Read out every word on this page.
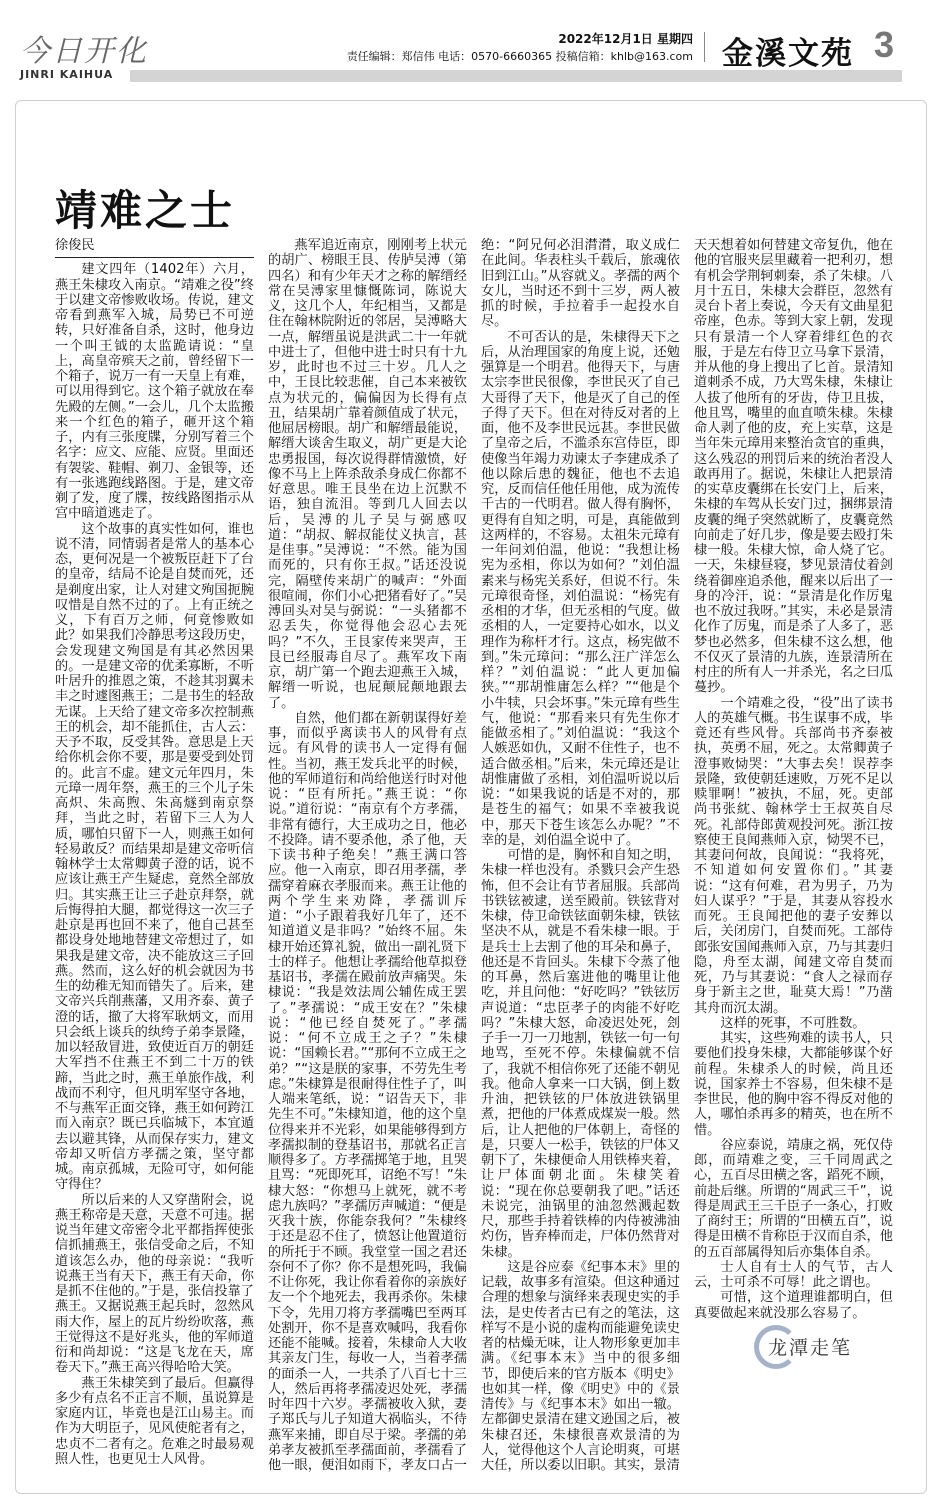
今日开化
JINRI KAIHUA
2022年12月1日 星期四
责任编辑：郑信伟 电话：0570-6660365 投稿信箱：khlb@163.com 金溪文苑 3
靖难之士
徐俊民

建文四年（1402年）六月，燕王朱棣攻入南京。“靖难之役”终于以建文帝惨败收场。传说，建文帝看到燕军入城，局势已不可逆转，只好准备自杀，这时，他身边一个叫王钺的太监跪请说：“皇上，高皇帝殡天之前，曾经留下一个箱子，说万一有一天皇上有难，可以用得到它。这个箱子就放在奉先殿的左侧。”一会儿，几个太监搬来一个红色的箱子，砸开这个箱子，内有三张度牒，分别写着三个名字：应文、应能、应贤。里面还有袈裟、鞋帽、剃刀、金银等，还有一张逃跑线路图。于是，建文帝剃了发，度了牒，按线路图指示从宫中暗道逃走了。

这个故事的真实性如何，谁也说不清，同情弱者是常人的基本心态，更何况是一个被叛臣赶下了台的皇帝，结局不论是自焚而死，还是剃度出家，让人对建文殉国扼腕叹惜是自然不过的了。上有正统之义，下有百万之师，何竟惨败如此？如果我们冷静思考这段历史，会发现建文殉国是有其必然因果的。一是建文帝的优柔寡断，不听叶居升的推恩之策，不趁其羽翼未丰之时遽图燕王；二是书生的轻敌无谋。上天给了建文帝多次控制燕王的机会，却不能抓住，古人云：天予不取，反受其咎。意思是上天给你机会你不要，那是要受到处罚的。此言不虚。建文元年四月，朱元璋一周年祭，燕王的三个儿子朱高炽、朱高煦、朱高燧到南京祭拜，当此之时，若留下三人为人质，哪怕只留下一人，则燕王如何轻易敢反？而结果却是建文帝听信翰林学士太常卿黄子澄的话，说不应该让燕王产生疑虑，竟然全部放归。其实燕王让三子赴京拜祭，就后悔得拍大腿，都觉得这一次三子赴京是再也回不来了，他自己甚至都设身处地地替建文帝想过了，如果我是建文帝，决不能放这三子回燕。然而，这么好的机会就因为书生的幼稚无知而错失了。后来，建文帝兴兵削燕藩，又用齐泰、黄子澄的话，撤了大将军耿炳文，而用只会纸上谈兵的纨绔子弟李景隆，加以轻敌冒进，致使近百万的朝廷大军挡不住燕王不到二十万的铁蹄，当此之时，燕王单旅作战，利战而不利守，但凡明军坚守各地，不与燕军正面交锋，燕王如何跨江而入南京？既已兵临城下，本宜遁去以避其锋，从而保存实力，建文帝却又听信方孝孺之策，坚守都城。南京孤城，无险可守，如何能守得住？

所以后来的人又穿凿附会，说燕王称帝是天意，天意不可违。据说当年建文帝密令北平都指挥使张信抓捕燕王，张信受命之后，不知道该怎么办，他的母亲说：“我听说燕王当有天下，燕王有天命，你是抓不住他的。”于是，张信投靠了燕王。又据说燕王起兵时，忽然风雨大作，屋上的瓦片纷纷吹落，燕王觉得这不是好兆头，他的军师道衍和尚却说：“这是飞龙在天，席卷天下。”燕王高兴得哈哈大笑。

燕王朱棣笑到了最后。但赢得多少有点名不正言不顺，虽说算是家庭内讧，毕竟也是江山易主。而作为大明臣子，见风使舵者有之，忠贞不二者有之。危难之时最易观照人性，也更见士人风骨。

燕军追近南京，刚刚考上状元的胡广、榜眼王艮、传胪吴溥（第四名）和有少年天才之称的解缙经常在吴溥家里慷慨陈词，陈说大义，这几个人，年纪相当，又都是住在翰林院附近的邻居，吴溥略大一点，解缙虽说是洪武二十一年就中进士了，但他中进士时只有十九岁，此时也不过三十岁。几人之中，王艮比较悲催，自己本来被钦点为状元的，偏偏因为长得有点丑，结果胡广靠着颜值成了状元，他屈居榜眼。胡广和解缙最能说，解缙大谈舍生取义，胡广更是大论忠勇报国，每次说得群情激愤，好像不马上上阵杀敌杀身成仁你都不好意思。唯王艮坐在边上沉默不语，独自流泪。等到几人回去以后，吴溥的儿子吴与弼感叹道：“胡叔、解叔能仗义执言，甚是佳事。”吴溥说：“不然。能为国而死的，只有你王叔。”话还没说完，隔壁传来胡广的喊声：“外面很喧闹，你们小心把猪看好了。”吴溥回头对吴与弼说：“一头猪都不忍丢失，你觉得他会忍心去死吗？”不久，王艮家传来哭声，王艮已经服毒自尽了。燕军攻下南京，胡广第一个跑去迎燕王入城，解缙一听说，也屁颠屁颠地跟去了。

自然，他们都在新朝谋得好差事，而似乎离读书人的风骨有点远。有风骨的读书人一定得有倔性。当初，燕王发兵北平的时候，他的军师道衍和尚给他送行时对他说：“臣有所托。”燕王说：“你说。”道衍说：“南京有个方孝孺，非常有德行，大王成功之日，他必不投降。请不要杀他，杀了他，天下读书种子绝矣！”燕王满口答应。他一入南京，即召用孝孺，孝孺穿着麻衣孝服而来。燕王让他的两个学生来劝降，孝孺训斥道：“小子跟着我好几年了，还不知道道义是非吗？”始终不屈。朱棣开始还算礼貌，做出一副礼贤下士的样子。他想让孝孺给他草拟登基诏书，孝孺在殿前放声痛哭。朱棣说：“我是效法周公辅佐成王罢了。”孝孺说：“成王安在？”朱棣说：“他已经自焚死了。”孝孺说：“何不立成王之子？”朱棣说：“国赖长君。”“那何不立成王之弟？”“这是朕的家事，不劳先生考虑。”朱棣算是很耐得住性子了，叫人端来笔纸，说：“诏告天下，非先生不可。”朱棣知道，他的这个皇位得来并不光彩，如果能够得到方孝孺拟制的登基诏书，那就名正言顺得多了。方孝孺掷笔于地，且哭且骂：“死即死耳，诏绝不写！”朱棣大怒：“你想马上就死，就不考虑九族吗？”孝孺厉声喊道：“便是灭我十族，你能奈我何？”朱棣终于还是忍不住了，愤怒让他置道衍的所托于不顾。我堂堂一国之君还奈何不了你？你不是想死吗，我偏不让你死，我让你看着你的亲族好友一个个地死去，我再杀你。朱棣下令，先用刀将方孝孺嘴巴至两耳处割开，你不是喜欢喊吗，我看你还能不能喊。接着，朱棣命人大收其亲友门生，每收一人，当着孝孺的面杀一人，一共杀了八百七十三人，然后再将孝孺凌迟处死，孝孺时年四十六岁。孝孺被收入狱，妻子郑氏与儿子知道大祸临头，不待燕军来捕，即自尽于梁。孝孺的弟弟孝友被抓至孝孺面前，孝孺看了他一眼，便泪如雨下，孝友口占一绝：“阿兄何必泪潸潸，取义成仁在此间。华表柱头千载后，旅魂依旧到江山。”从容就义。孝孺的两个女儿，当时还不到十三岁，两人被抓的时候，手拉着手一起投水自尽。

不可否认的是，朱棣得天下之后，从治理国家的角度上说，还勉强算是一个明君。他得天下，与唐太宗李世民很像，李世民灭了自己大哥得了天下，他是灭了自己的侄子得了天下。但在对待反对者的上面，他不及李世民远甚。李世民做了皇帝之后，不滥杀东宫侍臣，即使像当年竭力劝谏太子李建成杀了他以除后患的魏征，他也不去追究，反而信任他任用他，成为流传千古的一代明君。做人得有胸怀，更得有自知之明，可是，真能做到这两样的，不容易。太祖朱元璋有一年问刘伯温，他说：“我想让杨宪为丞相，你以为如何？”刘伯温素来与杨宪关系好，但说不行。朱元璋很奇怪，刘伯温说：“杨宪有丞相的才华，但无丞相的气度。做丞相的人，一定要持心如水，以义理作为称杆才行。这点，杨宪做不到。”朱元璋问：“那么汪广洋怎么样？”刘伯温说：“此人更加偏狭。”“那胡惟庸怎么样？”“他是个小牛犊，只会坏事。”朱元璋有些生气，他说：“那看来只有先生你才能做丞相了。”刘伯温说：“我这个人嫉恶如仇，又耐不住性子，也不适合做丞相。”后来，朱元璋还是让胡惟庸做了丞相，刘伯温听说以后说：“如果我说的话是不对的，那是苍生的福气；如果不幸被我说中，那天下苍生该怎么办呢？”不幸的是，刘伯温全说中了。

可惜的是，胸怀和自知之明，朱棣一样也没有。杀戮只会产生恐怖，但不会让有节者屈服。兵部尚书铁铉被逮，送至殿前。铁铉背对朱棣，侍卫命铁铉面朝朱棣，铁铉坚决不从，就是不看朱棣一眼。于是兵士上去割了他的耳朵和鼻子，他还是不肯回头。朱棣下令蒸了他的耳鼻，然后塞进他的嘴里让他吃，并且问他：“好吃吗？”铁铉厉声说道：“忠臣孝子的肉能不好吃吗？”朱棣大怒，命凌迟处死，刽子手一刀一刀地割，铁铉一句一句地骂，至死不停。朱棣偏就不信了，我就不相信你死了还能不朝见我。他命人拿来一口大锅，倒上数升油，把铁铉的尸体放进铁锅里煮，把他的尸体煮成煤炭一般。然后，让人把他的尸体朝上，奇怪的是，只要人一松手，铁铉的尸体又朝下了，朱棣便命人用铁棒夹着，让尸体面朝北面。朱棣笑着说：“现在你总要朝我了吧。”话还未说完，油锅里的油忽然溅起数尺，那些手持着铁棒的内侍被沸油灼伤，皆弃棒而走，尸体仍然背对朱棣。

这是谷应泰《纪事本末》里的记载，故事多有渲染。但这种通过合理的想象与演绎来表现史实的手法，是史传者古已有之的笔法，这样写不是小说的虚构而能避免读史者的枯燥无味，让人物形象更加丰满。《纪事本末》当中的很多细节，即使后来的官方版本《明史》也如其一样，像《明史》中的《景清传》与《纪事本末》如出一辙。左都御史景清在建文逊国之后，被朱棣召还，朱棣很喜欢景清的为人，觉得他这个人言论明爽，可堪大任，所以委以旧职。其实，景清天天想着如何替建文帝复仇，他在他的官服夹层里藏着一把利刃，想有机会学荆轲刺秦，杀了朱棣。八月十五日，朱棣大会群臣，忽然有灵台卜者上奏说，今天有文曲星犯帝座，色赤。等到大家上朝，发现只有景清一个人穿着绯红色的衣服，于是左右侍卫立马拿下景清，并从他的身上搜出了匕首。景清知道刺杀不成，乃大骂朱棣，朱棣让人拔了他所有的牙齿，侍卫且拔，他且骂，嘴里的血直喷朱棣。朱棣命人剥了他的皮，充上实草，这是当年朱元璋用来整治贪官的重典，这么残忍的刑罚后来的统治者没人敢再用了。据说，朱棣让人把景清的实草皮囊绑在长安门上，后来，朱棣的车驾从长安门过，捆绑景清皮囊的绳子突然就断了，皮囊竟然向前走了好几步，像是要去殴打朱棣一般。朱棣大惊，命人烧了它。一天，朱棣昼寝，梦见景清仗着剑绕着御座追杀他，醒来以后出了一身的冷汗，说：“景清是化作厉鬼也不放过我呀。”其实，未必是景清化作了厉鬼，而是杀了人多了，恶梦也必然多，但朱棣不这么想，他不仅灭了景清的九族，连景清所在村庄的所有人一并杀光，名之曰瓜蔓抄。

一个靖难之役，“役”出了读书人的英雄气概。书生谋事不成，毕竟还有些风骨。兵部尚书齐泰被执，英勇不屈，死之。太常卿黄子澄事败恸哭：“大事去矣！误荐李景隆，致使朝廷速败，万死不足以赎罪啊！”被执，不屈，死。吏部尚书张紞、翰林学士王叔英自尽死。礼部侍郎黄观投河死。浙江按察使王良闻燕师入京，恸哭不已，其妻问何故，良闻说：“我将死，不知道如何安置你们。”其妻说：“这有何难，君为男子，乃为妇人谋乎？”于是，其妻从容投水而死。王良闻把他的妻子安葬以后，关闭房门，自焚而死。工部侍郎张安国闻燕师入京，乃与其妻归隐，舟至太湖，闻建文帝自焚而死，乃与其妻说：“食人之禄而存身于新主之世，耻莫大焉！”乃凿其舟而沉太湖。

这样的死事，不可胜数。

其实，这些殉难的读书人，只要他们投身朱棣，大都能够谋个好前程。朱棣杀人的时候，尚且还说，国家养士不容易，但朱棣不是李世民，他的胸中容不得反对他的人，哪怕杀再多的精英，也在所不惜。

谷应泰说，靖康之祸，死仅侍郎，而靖难之变，三千同周武之心，五百尽田横之客，蹈死不顾，前赴后继。所谓的“周武三千”，说得是周武王三千臣子一条心，打败了商纣王；所谓的“田横五百”，说得是田横不肯称臣于汉而自杀，他的五百部属得知后亦集体自杀。

士人自有士人的气节，古人云，士可杀不可辱！此之谓也。

可惜，这个道理谁都明白，但真要做起来就没那么容易了。

龙潭走笔
